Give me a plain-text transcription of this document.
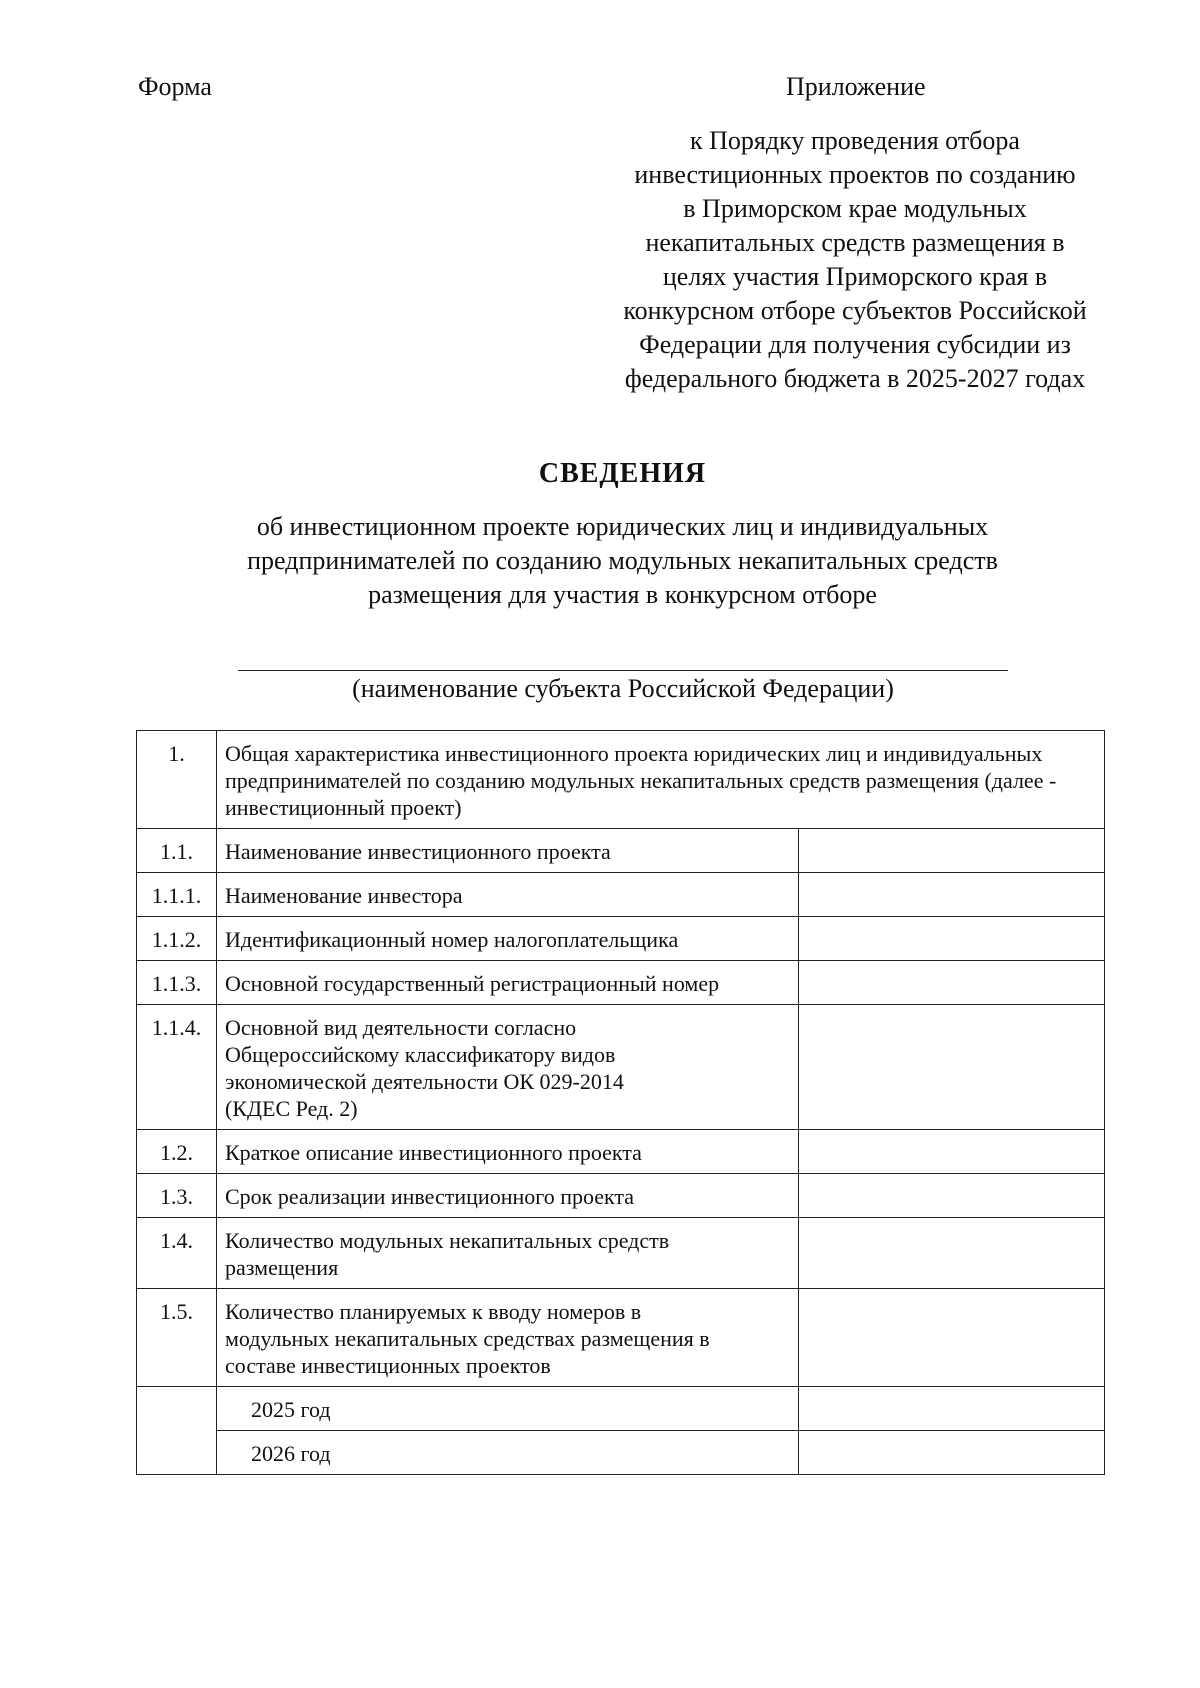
Форма	Приложение
к Порядку проведения отбора
инвестиционных проектов по созданию
в Приморском крае модульных
некапитальных средств размещения в
целях участия Приморского края в
конкурсном отборе субъектов Российской
Федерации для получения субсидии из
федерального бюджета в 2025-2027 годах
СВЕДЕНИЯ
об инвестиционном проекте юридических лиц и индивидуальных
предпринимателей по созданию модульных некапитальных средств
размещения для участия в конкурсном отборе
(наименование субъекта Российской Федерации)
1.	Общая характеристика инвестиционного проекта юридических лиц и индивидуальных предпринимателей по созданию модульных некапитальных средств размещения (далее - инвестиционный проект)	
1.1.	Наименование инвестиционного проекта	
1.1.1.	Наименование инвестора	
1.1.2.	Идентификационный номер налогоплательщика	
1.1.3.	Основной государственный регистрационный номер	
1.1.4.	Основной вид деятельности согласно
Общероссийскому классификатору видов
экономической деятельности ОК 029-2014
(КДЕС Ред. 2)	

1.2.	Краткое описание инвестиционного проекта	
1.3.	Срок реализации инвестиционного проекта	
1.4.	Количество модульных некапитальных средств
размещения	

1.5.	Количество планируемых к вводу номеров в
модульных некапитальных средствах размещения в
составе инвестиционных проектов	

	2025 год	
	2026 год	
